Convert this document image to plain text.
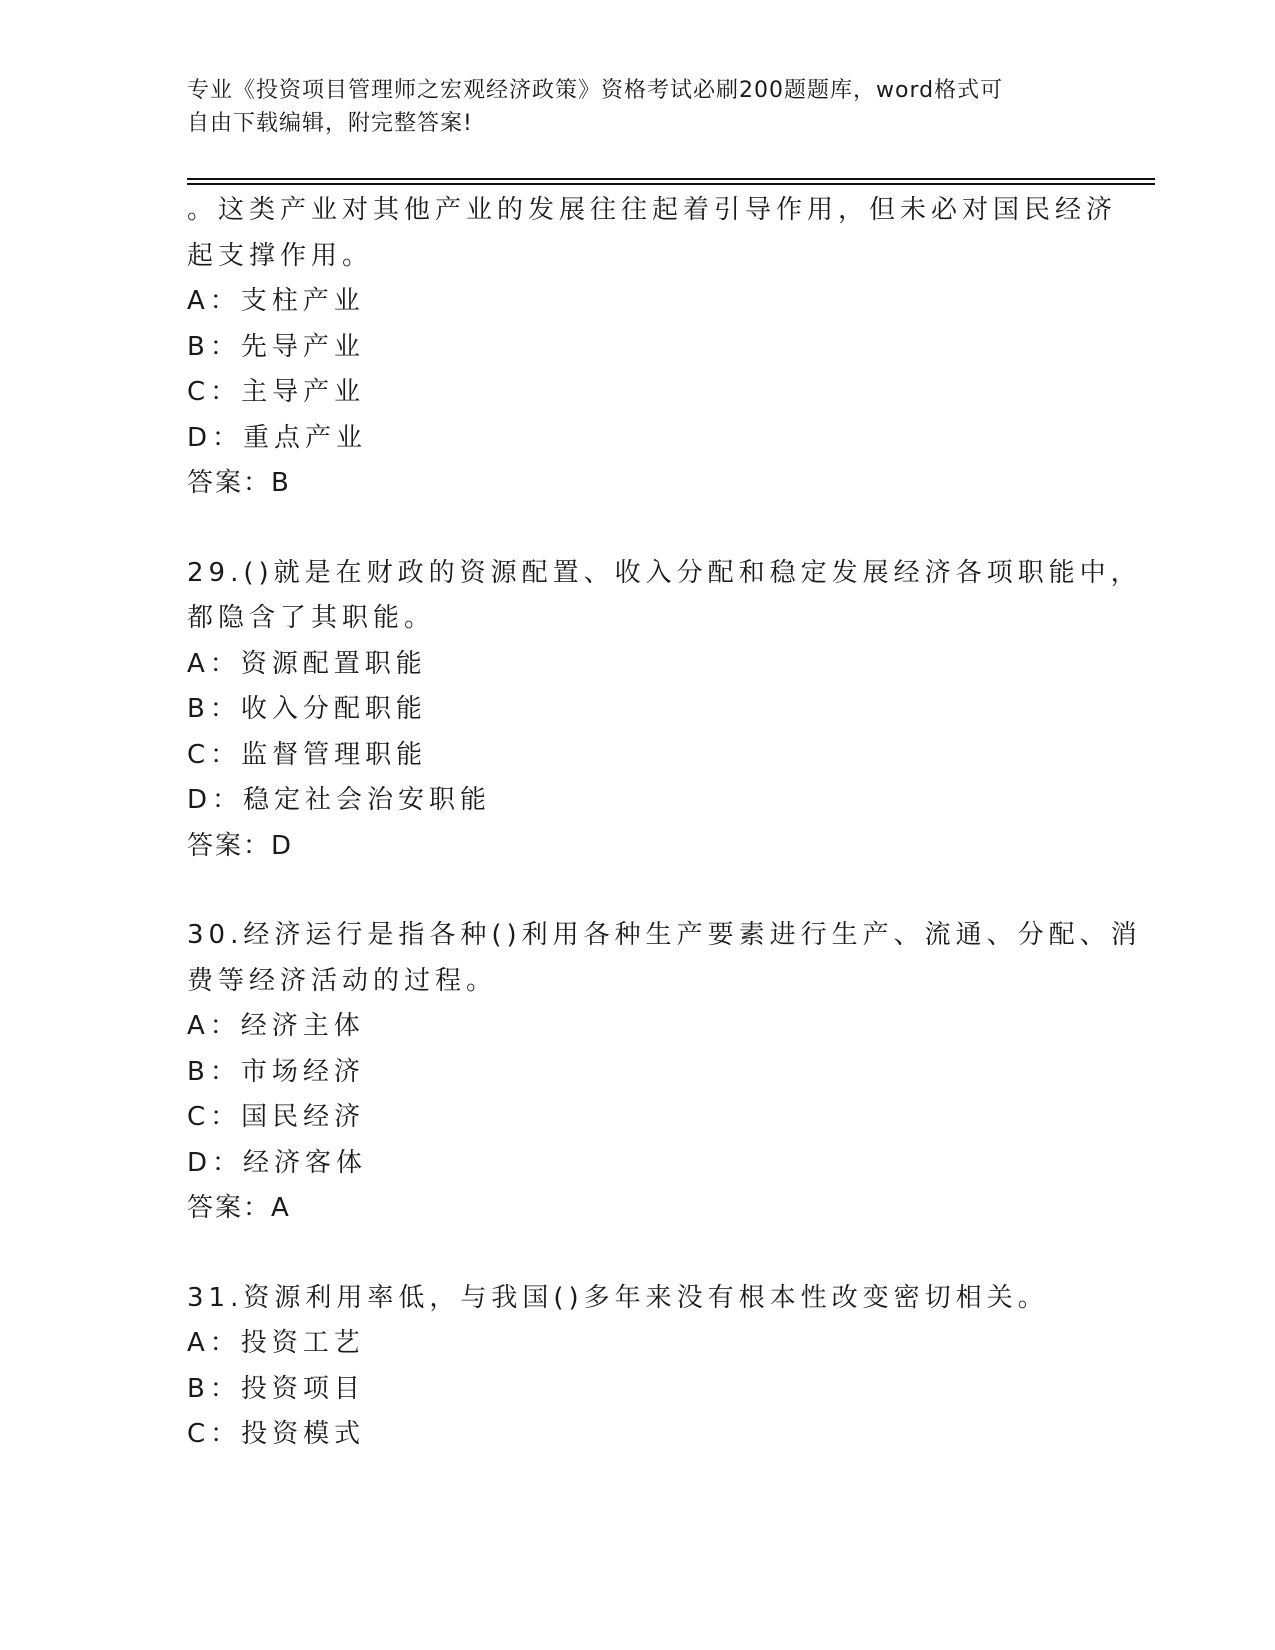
专业《投资项目管理师之宏观经济政策》资格考试必刷200题题库，word格式可
自由下载编辑，附完整答案!
。这类产业对其他产业的发展往往起着引导作用，但未必对国民经济
起支撑作用。
A：支柱产业
B：先导产业
C：主导产业
D：重点产业
答案：B
29.()就是在财政的资源配置、收入分配和稳定发展经济各项职能中，
都隐含了其职能。
A：资源配置职能
B：收入分配职能
C：监督管理职能
D：稳定社会治安职能
答案：D
30.经济运行是指各种()利用各种生产要素进行生产、流通、分配、消
费等经济活动的过程。
A：经济主体
B：市场经济
C：国民经济
D：经济客体
答案：A
31.资源利用率低，与我国()多年来没有根本性改变密切相关。
A：投资工艺
B：投资项目
C：投资模式
